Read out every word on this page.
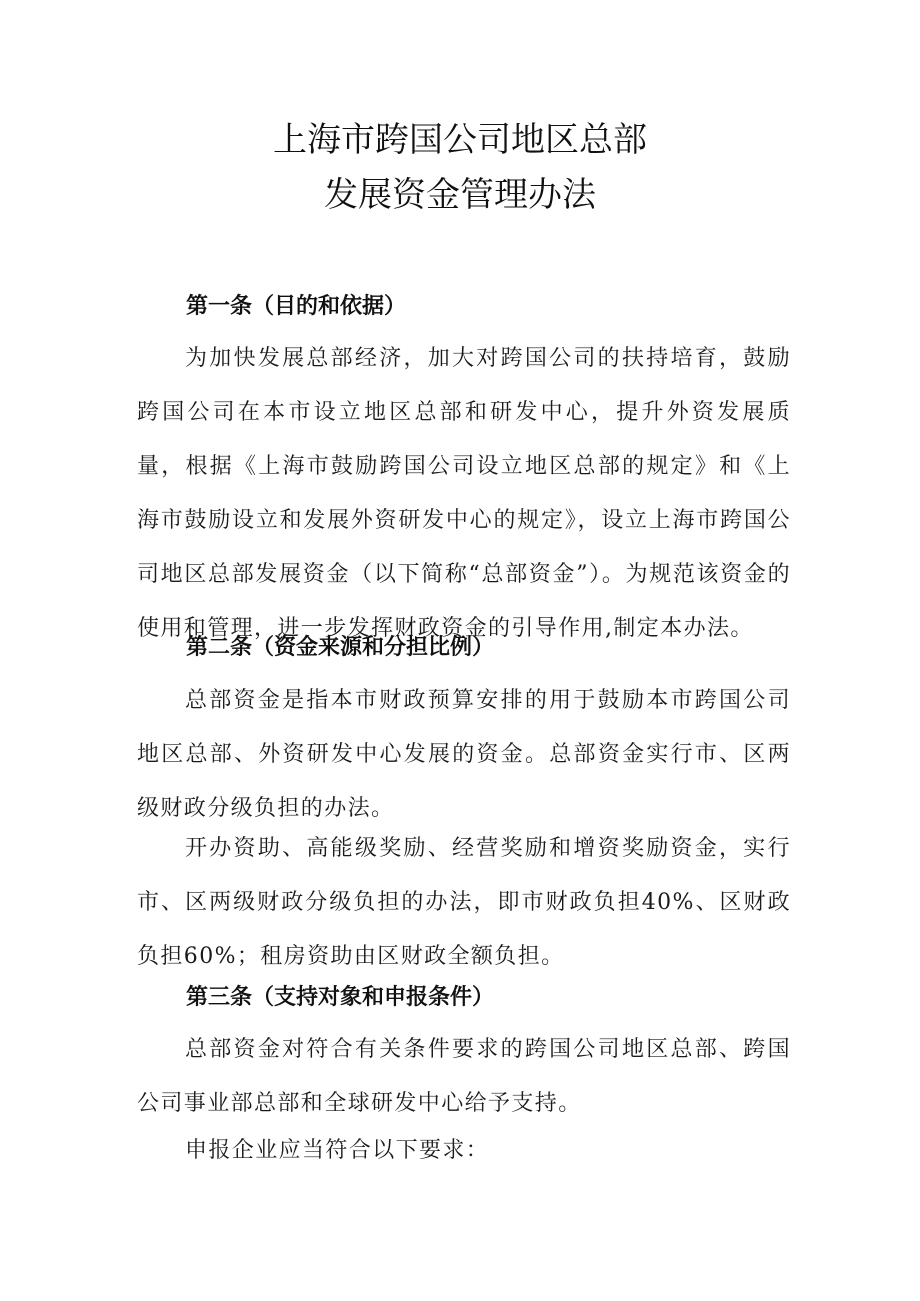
上海市跨国公司地区总部
发展资金管理办法
第一条（目的和依据）
为加快发展总部经济，加大对跨国公司的扶持培育，鼓励跨国公司在本市设立地区总部和研发中心，提升外资发展质量，根据《上海市鼓励跨国公司设立地区总部的规定》和《上海市鼓励设立和发展外资研发中心的规定》，设立上海市跨国公司地区总部发展资金（以下简称“总部资金”）。为规范该资金的使用和管理，进一步发挥财政资金的引导作用,制定本办法。
第二条（资金来源和分担比例）
总部资金是指本市财政预算安排的用于鼓励本市跨国公司地区总部、外资研发中心发展的资金。总部资金实行市、区两级财政分级负担的办法。
开办资助、高能级奖励、经营奖励和增资奖励资金，实行市、区两级财政分级负担的办法，即市财政负担40%、区财政负担60%；租房资助由区财政全额负担。
第三条（支持对象和申报条件）
总部资金对符合有关条件要求的跨国公司地区总部、跨国公司事业部总部和全球研发中心给予支持。
申报企业应当符合以下要求：
